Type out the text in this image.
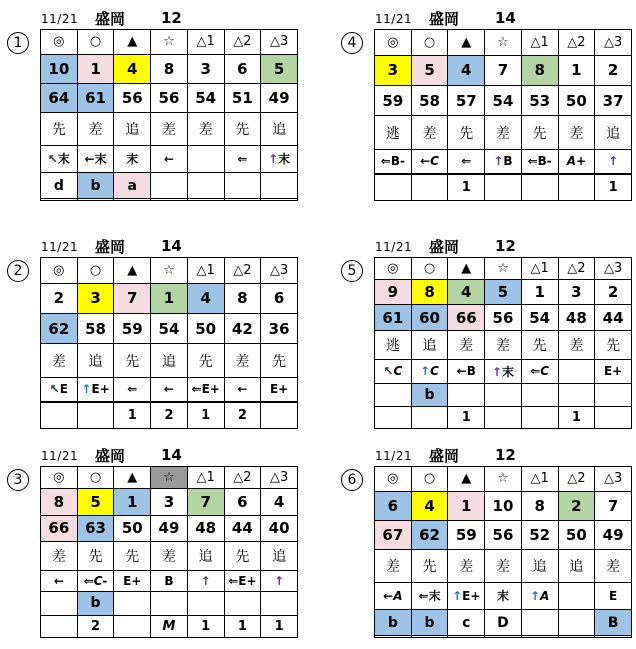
11/21 盛岡 12
1	◎	○	▲	☆	△1	△2	△3
10	1	4	8	3	6	5
64	61	56	56	54	51	49
先	差	追	差	差	先	追
↖末	←末	末	←		⇐	↑末
d	b	a				

11/21 盛岡 14
2	◎	○	▲	☆	△1	△2	△3
2	3	7	1	4	8	6
62	58	59	54	50	42	36
差	追	先	追	先	差	先
↖E	↑E+	⇐	←	⇐E+	←	E+

		1	2	1	2	
11/21 盛岡 14
3	◎	○	▲	☆	△1	△2	△3
8	5	1	3	7	6	4
66	63	50	49	48	44	40
差	先	先	差	追	先	追
←	⇐C-	E+	B	↑	⇐E+	↑
	b					
	2		M	1	1	1
11/21 盛岡 14
4	◎	○	▲	☆	△1	△2	△3
3	5	4	7	8	1	2
59	58	57	54	53	50	37
逃	差	先	差	先	差	追
⇐B-	←C	⇐	↑B	⇐B-	A+	↑

		1				1
11/21 盛岡 12
5	◎	○	▲	☆	△1	△2	△3
9	8	4	5	1	3	2
61	60	66	56	54	48	44
逃	追	差	差	先	差	先
↖C	↑C	←B	↑末	⇐C		E+
	b					
		1			1	
11/21 盛岡 12
6	◎	○	▲	☆	△1	△2	△3
6	4	1	10	8	2	7
67	62	59	56	52	50	49
差	先	差	差	追	追	差
←A	⇐末	↑E+	末	↑A		E
b	b	c	D			B
